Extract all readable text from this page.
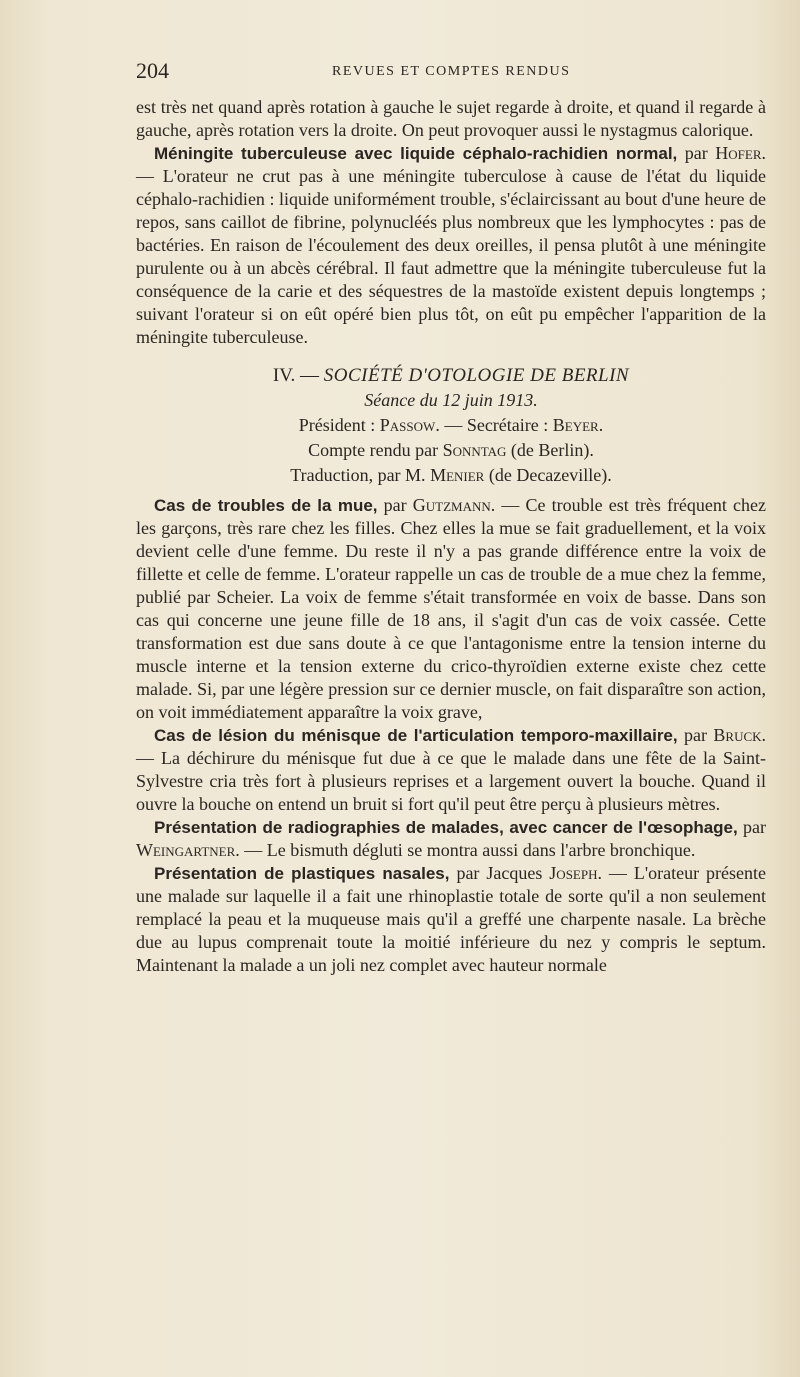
204	REVUES ET COMPTES RENDUS

est très net quand après rotation à gauche le sujet regarde à droite, et quand il regarde à gauche, après rotation vers la droite. On peut provoquer aussi le nystagmus calorique.

Méningite tuberculeuse avec liquide céphalo-rachidien normal, par Hofer. — L'orateur ne crut pas à une méningite tuberculose à cause de l'état du liquide céphalo-rachidien : liquide uniformément trouble, s'éclaircissant au bout d'une heure de repos, sans caillot de fibrine, polynucléés plus nombreux que les lymphocytes : pas de bactéries. En raison de l'écoulement des deux oreilles, il pensa plutôt à une méningite purulente ou à un abcès cérébral. Il faut admettre que la méningite tuberculeuse fut la conséquence de la carie et des séquestres de la mastoïde existent depuis longtemps ; suivant l'orateur si on eût opéré bien plus tôt, on eût pu empêcher l'apparition de la méningite tuberculeuse.

IV. — SOCIÉTÉ D'OTOLOGIE DE BERLIN
Séance du 12 juin 1913.
Président : Passow. — Secrétaire : Beyer.
Compte rendu par Sonntag (de Berlin).
Traduction, par M. Menier (de Decazeville).

Cas de troubles de la mue, par Gutzmann. — Ce trouble est très fréquent chez les garçons, très rare chez les filles. Chez elles la mue se fait graduellement, et la voix devient celle d'une femme. Du reste il n'y a pas grande différence entre la voix de fillette et celle de femme. L'orateur rappelle un cas de trouble de a mue chez la femme, publié par Scheier. La voix de femme s'était transformée en voix de basse. Dans son cas qui concerne une jeune fille de 18 ans, il s'agit d'un cas de voix cassée. Cette transformation est due sans doute à ce que l'antagonisme entre la tension interne du muscle interne et la tension externe du crico-thyroïdien externe existe chez cette malade. Si, par une légère pression sur ce dernier muscle, on fait disparaître son action, on voit immédiatement apparaître la voix grave,

Cas de lésion du ménisque de l'articulation temporo-maxillaire, par Bruck. — La déchirure du ménisque fut due à ce que le malade dans une fête de la Saint-Sylvestre cria très fort à plusieurs reprises et a largement ouvert la bouche. Quand il ouvre la bouche on entend un bruit si fort qu'il peut être perçu à plusieurs mètres.

Présentation de radiographies de malades, avec cancer de l'œsophage, par Weingartner. — Le bismuth dégluti se montra aussi dans l'arbre bronchique.

Présentation de plastiques nasales, par Jacques Joseph. — L'orateur présente une malade sur laquelle il a fait une rhinoplastie totale de sorte qu'il a non seulement remplacé la peau et la muqueuse mais qu'il a greffé une charpente nasale. La brèche due au lupus comprenait toute la moitié inférieure du nez y compris le septum. Maintenant la malade a un joli nez complet avec hauteur normale
